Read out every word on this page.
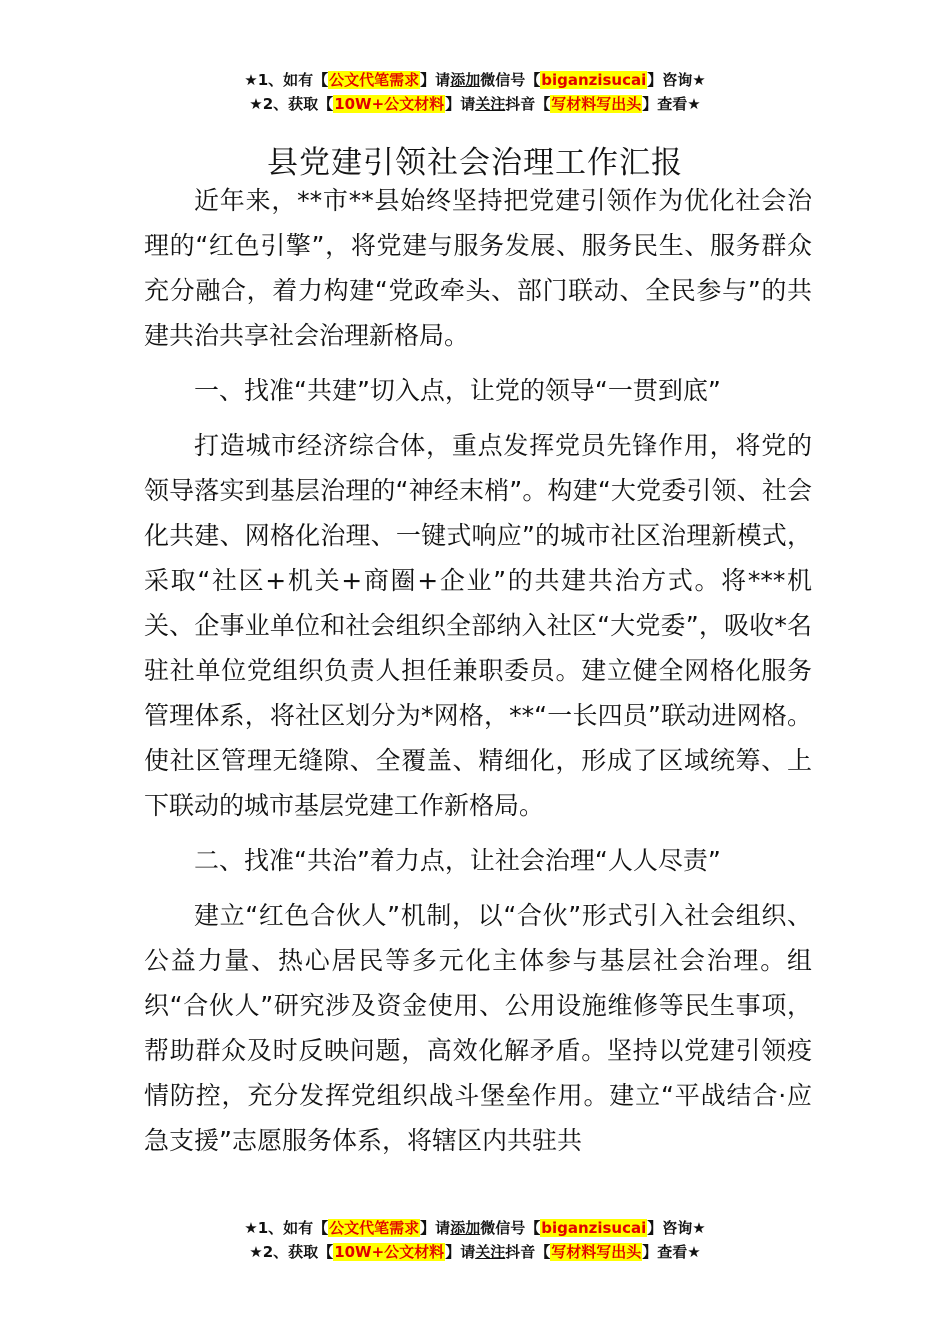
★1、如有【公文代笔需求】请添加微信号【biganzisucai】咨询★
★2、获取【10W+公文材料】请关注抖音【写材料写出头】查看★
县党建引领社会治理工作汇报

近年来，**市**县始终坚持把党建引领作为优化社会治理的“红色引擎”，将党建与服务发展、服务民生、服务群众充分融合，着力构建“党政牵头、部门联动、全民参与”的共建共治共享社会治理新格局。

一、找准“共建”切入点，让党的领导“一贯到底”

打造城市经济综合体，重点发挥党员先锋作用，将党的领导落实到基层治理的“神经末梢”。构建“大党委引领、社会化共建、网格化治理、一键式响应”的城市社区治理新模式，采取“社区+机关+商圈+企业”的共建共治方式。将***机关、企事业单位和社会组织全部纳入社区“大党委”，吸收*名驻社单位党组织负责人担任兼职委员。建立健全网格化服务管理体系，将社区划分为*网格，**“一长四员”联动进网格。使社区管理无缝隙、全覆盖、精细化，形成了区域统筹、上下联动的城市基层党建工作新格局。

二、找准“共治”着力点，让社会治理“人人尽责”

建立“红色合伙人”机制，以“合伙”形式引入社会组织、公益力量、热心居民等多元化主体参与基层社会治理。组织“合伙人”研究涉及资金使用、公用设施维修等民生事项，帮助群众及时反映问题，高效化解矛盾。坚持以党建引领疫情防控，充分发挥党组织战斗堡垒作用。建立“平战结合·应急支援”志愿服务体系，将辖区内共驻共

★1、如有【公文代笔需求】请添加微信号【biganzisucai】咨询★
★2、获取【10W+公文材料】请关注抖音【写材料写出头】查看★
